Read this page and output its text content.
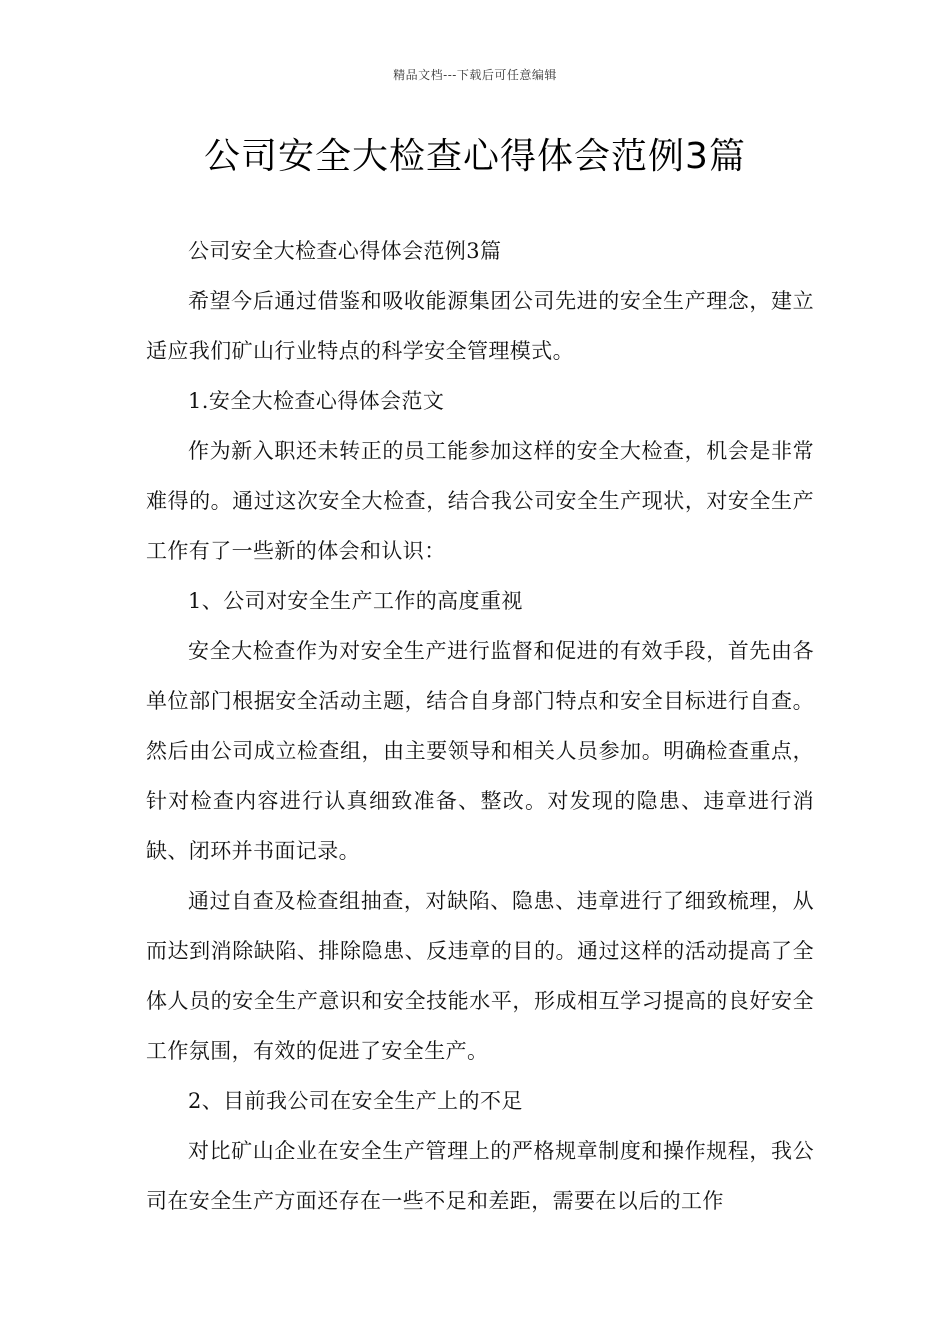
精品文档---下载后可任意编辑
公司安全大检查心得体会范例3篇

公司安全大检查心得体会范例3篇

希望今后通过借鉴和吸收能源集团公司先进的安全生产理念，建立适应我们矿山行业特点的科学安全管理模式。

1.安全大检查心得体会范文

作为新入职还未转正的员工能参加这样的安全大检查，机会是非常难得的。通过这次安全大检查，结合我公司安全生产现状，对安全生产工作有了一些新的体会和认识：

1、公司对安全生产工作的高度重视

安全大检查作为对安全生产进行监督和促进的有效手段，首先由各单位部门根据安全活动主题，结合自身部门特点和安全目标进行自查。然后由公司成立检查组，由主要领导和相关人员参加。明确检查重点，针对检查内容进行认真细致准备、整改。对发现的隐患、违章进行消缺、闭环并书面记录。

通过自查及检查组抽查，对缺陷、隐患、违章进行了细致梳理，从而达到消除缺陷、排除隐患、反违章的目的。通过这样的活动提高了全体人员的安全生产意识和安全技能水平，形成相互学习提高的良好安全工作氛围，有效的促进了安全生产。

2、目前我公司在安全生产上的不足

对比矿山企业在安全生产管理上的严格规章制度和操作规程，我公司在安全生产方面还存在一些不足和差距，需要在以后的工作
